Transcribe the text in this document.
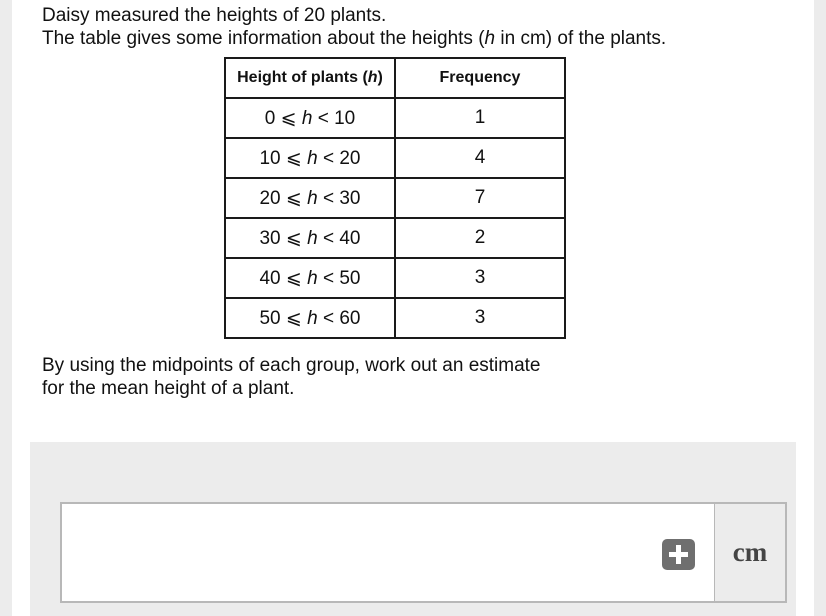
Daisy measured the heights of 20 plants.

The table gives some information about the heights (h in cm) of the plants.

Height of plants (h)	Frequency
0 ⩽ h < 10	1
10 ⩽ h < 20	4
20 ⩽ h < 30	7
30 ⩽ h < 40	2
40 ⩽ h < 50	3
50 ⩽ h < 60	3

By using the midpoints of each group, work out an estimate

for the mean height of a plant.

cm
